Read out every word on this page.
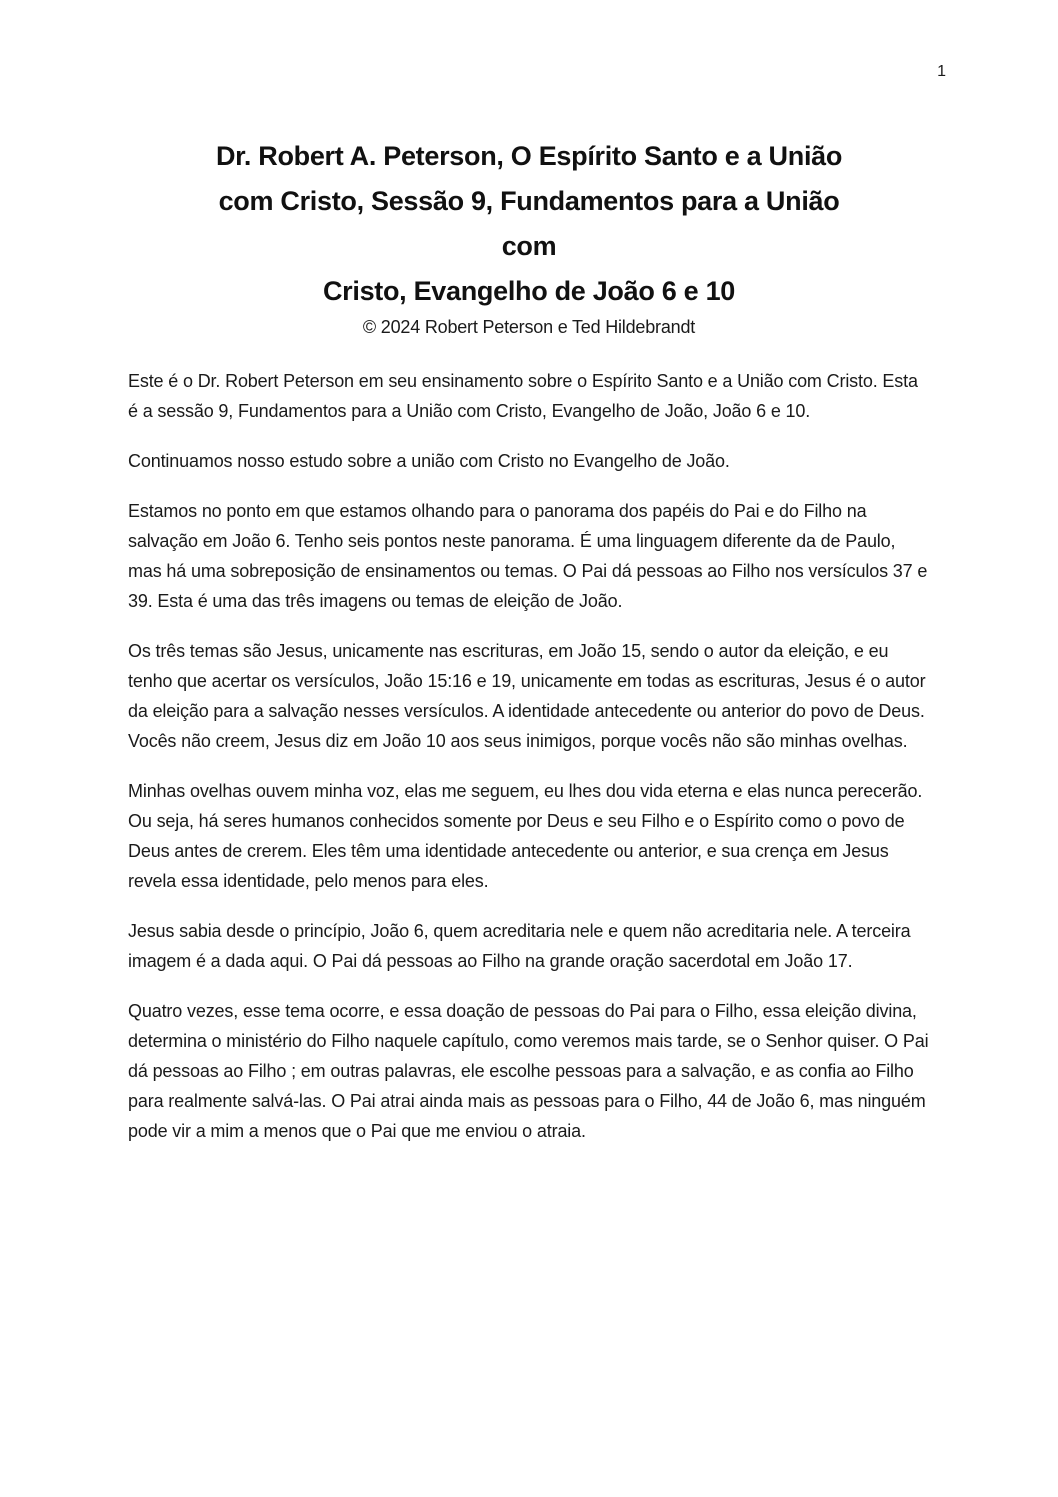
1
Dr. Robert A. Peterson, O Espírito Santo e a União
com Cristo, Sessão 9, Fundamentos para a União
com
Cristo, Evangelho de João 6 e 10
© 2024 Robert Peterson e Ted Hildebrandt

Este é o Dr. Robert Peterson em seu ensinamento sobre o Espírito Santo e a União com Cristo. Esta é a sessão 9, Fundamentos para a União com Cristo, Evangelho de João, João 6 e 10.

Continuamos nosso estudo sobre a união com Cristo no Evangelho de João.

Estamos no ponto em que estamos olhando para o panorama dos papéis do Pai e do Filho na salvação em João 6. Tenho seis pontos neste panorama. É uma linguagem diferente da de Paulo, mas há uma sobreposição de ensinamentos ou temas. O Pai dá pessoas ao Filho nos versículos 37 e 39. Esta é uma das três imagens ou temas de eleição de João.

Os três temas são Jesus, unicamente nas escrituras, em João 15, sendo o autor da eleição, e eu tenho que acertar os versículos, João 15:16 e 19, unicamente em todas as escrituras, Jesus é o autor da eleição para a salvação nesses versículos. A identidade antecedente ou anterior do povo de Deus. Vocês não creem, Jesus diz em João 10 aos seus inimigos, porque vocês não são minhas ovelhas.

Minhas ovelhas ouvem minha voz, elas me seguem, eu lhes dou vida eterna e elas nunca perecerão. Ou seja, há seres humanos conhecidos somente por Deus e seu Filho e o Espírito como o povo de Deus antes de crerem. Eles têm uma identidade antecedente ou anterior, e sua crença em Jesus revela essa identidade, pelo menos para eles.

Jesus sabia desde o princípio, João 6, quem acreditaria nele e quem não acreditaria nele. A terceira imagem é a dada aqui. O Pai dá pessoas ao Filho na grande oração sacerdotal em João 17.

Quatro vezes, esse tema ocorre, e essa doação de pessoas do Pai para o Filho, essa eleição divina, determina o ministério do Filho naquele capítulo, como veremos mais tarde, se o Senhor quiser. O Pai dá pessoas ao Filho ; em outras palavras, ele escolhe pessoas para a salvação, e as confia ao Filho para realmente salvá-las. O Pai atrai ainda mais as pessoas para o Filho, 44 de João 6, mas ninguém pode vir a mim a menos que o Pai que me enviou o atraia.
